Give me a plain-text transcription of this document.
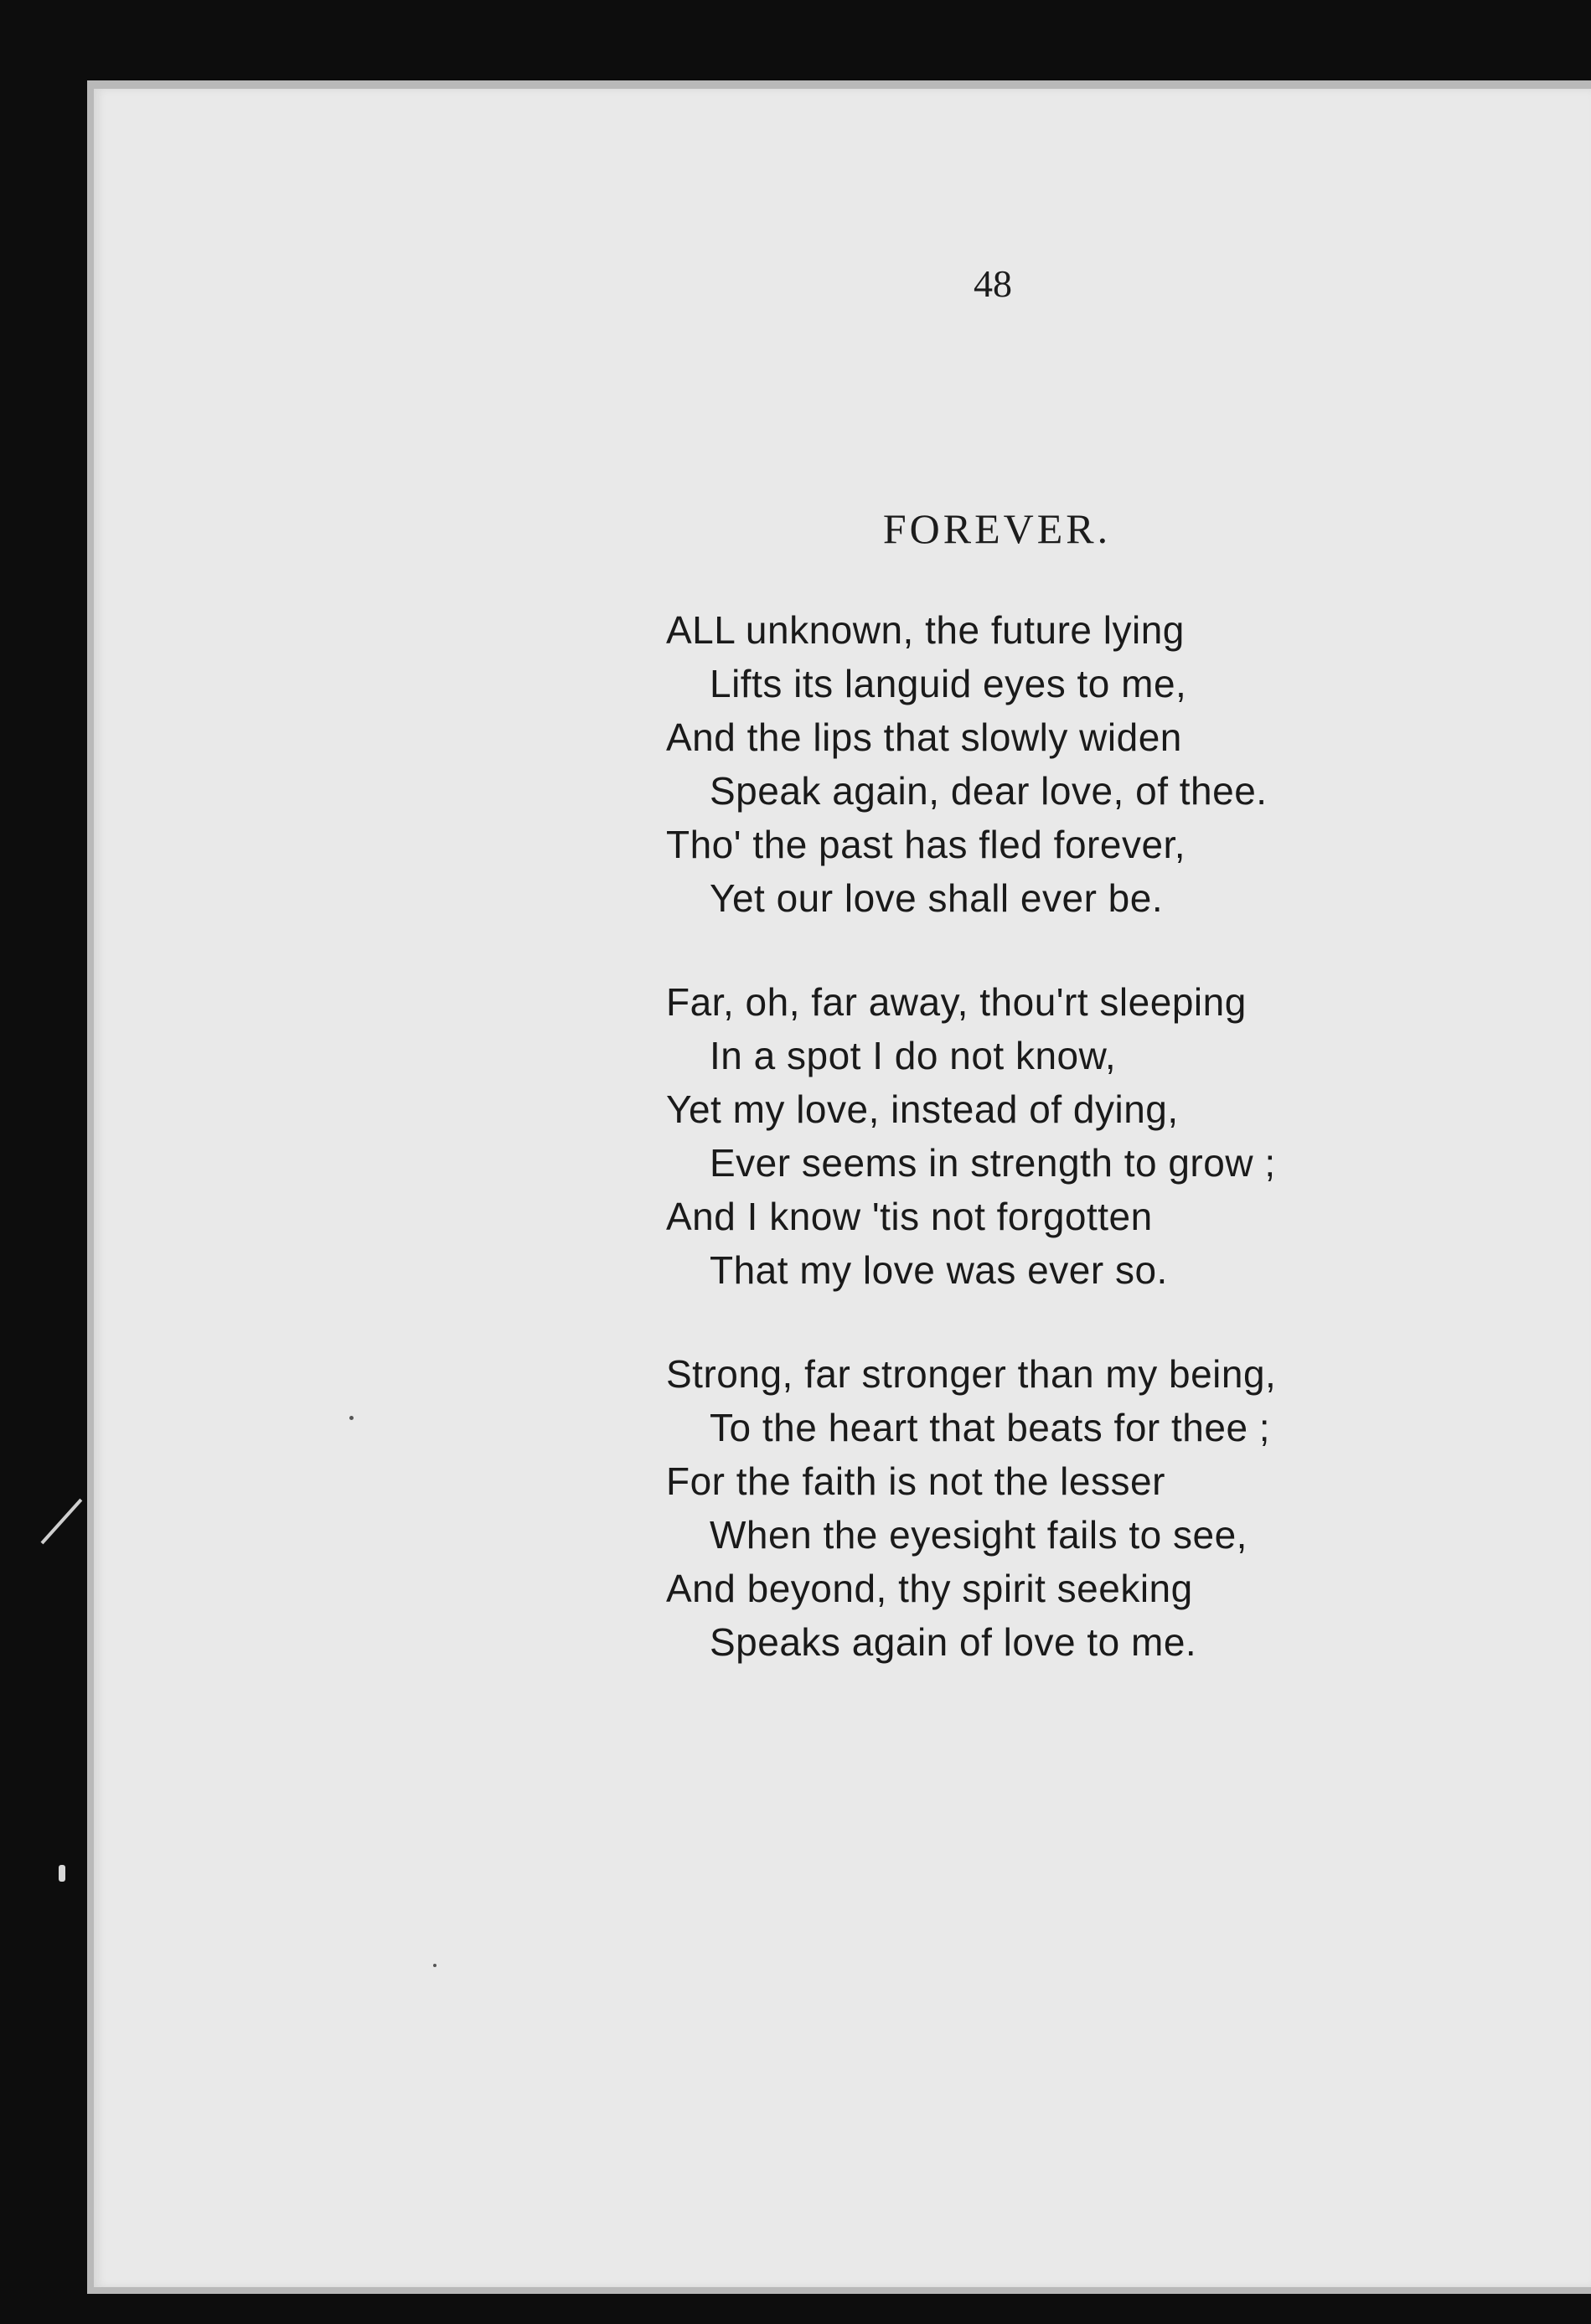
48
FOREVER.
ALL unknown, the future lying
Lifts its languid eyes to me,
And the lips that slowly widen
Speak again, dear love, of thee.
Tho' the past has fled forever,
Yet our love shall ever be.
Far, oh, far away, thou'rt sleeping
In a spot I do not know,
Yet my love, instead of dying,
Ever seems in strength to grow ;
And I know 'tis not forgotten
That my love was ever so.
Strong, far stronger than my being,
To the heart that beats for thee ;
For the faith is not the lesser
When the eyesight fails to see,
And beyond, thy spirit seeking
Speaks again of love to me.
